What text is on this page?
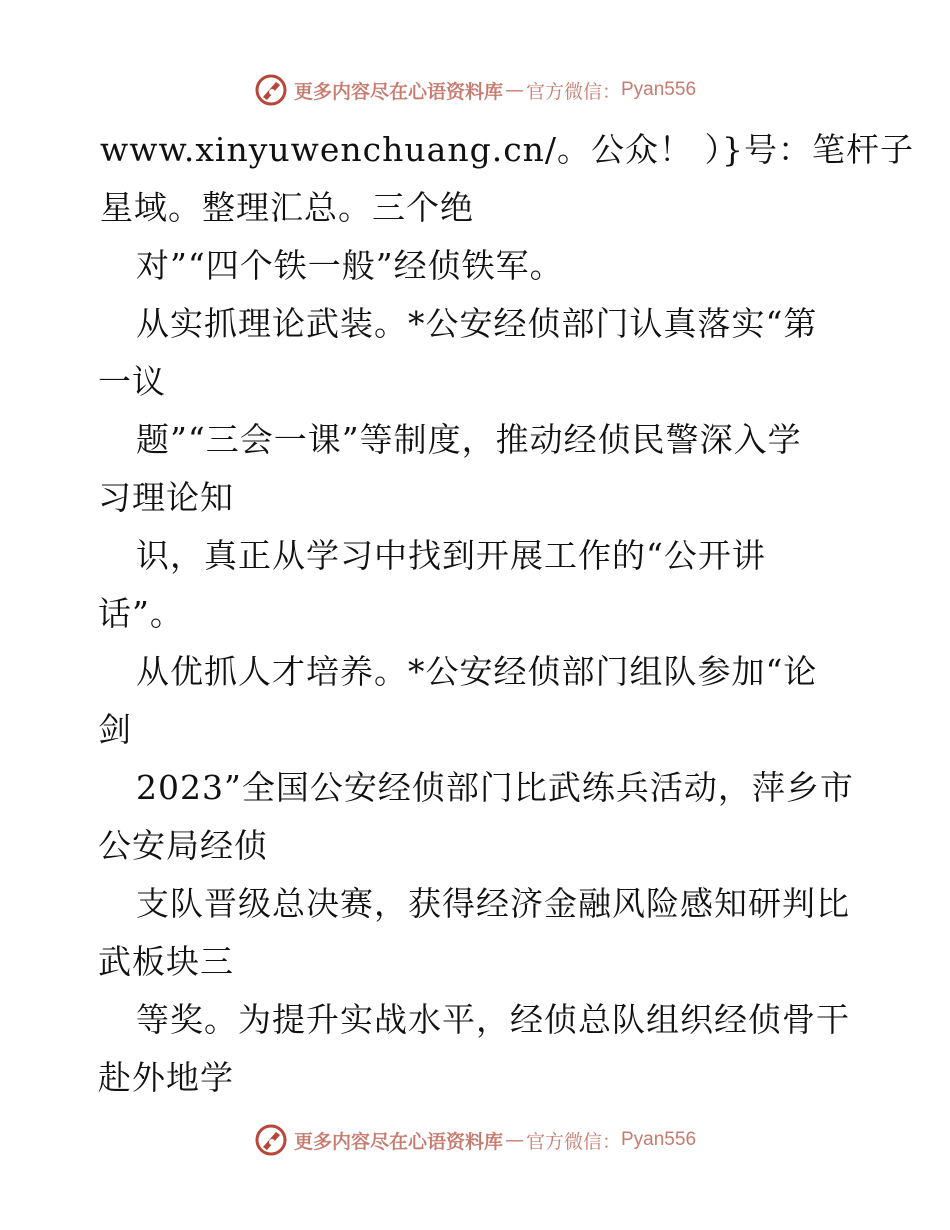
更多内容尽在心语资料库 — 官方微信： Pyan556
www.xinyuwenchuang.cn/。公众！ ）}号：笔杆子
星域。整理汇总。三个绝
对”“四个铁一般”经侦铁军。
从实抓理论武装。*公安经侦部门认真落实“第
一议
题”“三会一课”等制度，推动经侦民警深入学
习理论知
识，真正从学习中找到开展工作的“公开讲
话”。
从优抓人才培养。*公安经侦部门组队参加“论
剑
2023”全国公安经侦部门比武练兵活动，萍乡市
公安局经侦
支队晋级总决赛，获得经济金融风险感知研判比
武板块三
等奖。为提升实战水平，经侦总队组织经侦骨干
赴外地学
更多内容尽在心语资料库 — 官方微信： Pyan556
